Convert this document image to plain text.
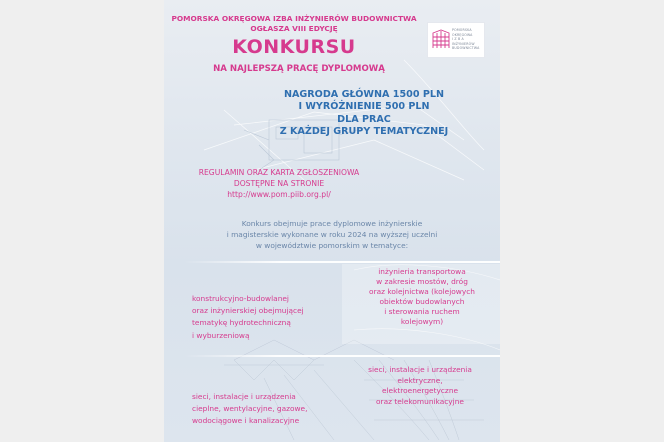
POMORSKA OKRĘGOWA IZBA INŻYNIERÓW BUDOWNICTWA
OGŁASZA VIII EDYCJĘ
KONKURSU
NA NAJLEPSZĄ PRACĘ DYPLOMOWĄ
POMORSKA
OKRĘGOWA
I Z B A
INŻYNIERÓW
BUDOWNICTWA
NAGRODA GŁÓWNA 1500 PLN
I WYRÓŻNIENIE 500 PLN
DLA PRAC
Z KAŻDEJ GRUPY TEMATYCZNEJ
REGULAMIN ORAZ KARTA ZGŁOSZENIOWA
DOSTĘPNE NA STRONIE
http://www.pom.piib.org.pl/
Konkurs obejmuje prace dyplomowe inżynierskie
i magisterskie wykonane w roku 2024 na wyższej uczelni
w województwie pomorskim w tematyce:
inżynieria transportowa
w zakresie mostów, dróg
oraz kolejnictwa (kolejowych
obiektów budowlanych
i sterowania ruchem
kolejowym)
konstrukcyjno-budowlanej
oraz inżynierskiej obejmującej
tematykę hydrotechniczną
i wyburzeniową
sieci, instalacje i urządzenia
elektryczne,
elektroenergetyczne
oraz telekomunikacyjne
sieci, instalacje i urządzenia
cieplne, wentylacyjne, gazowe,
wodociągowe i kanalizacyjne
